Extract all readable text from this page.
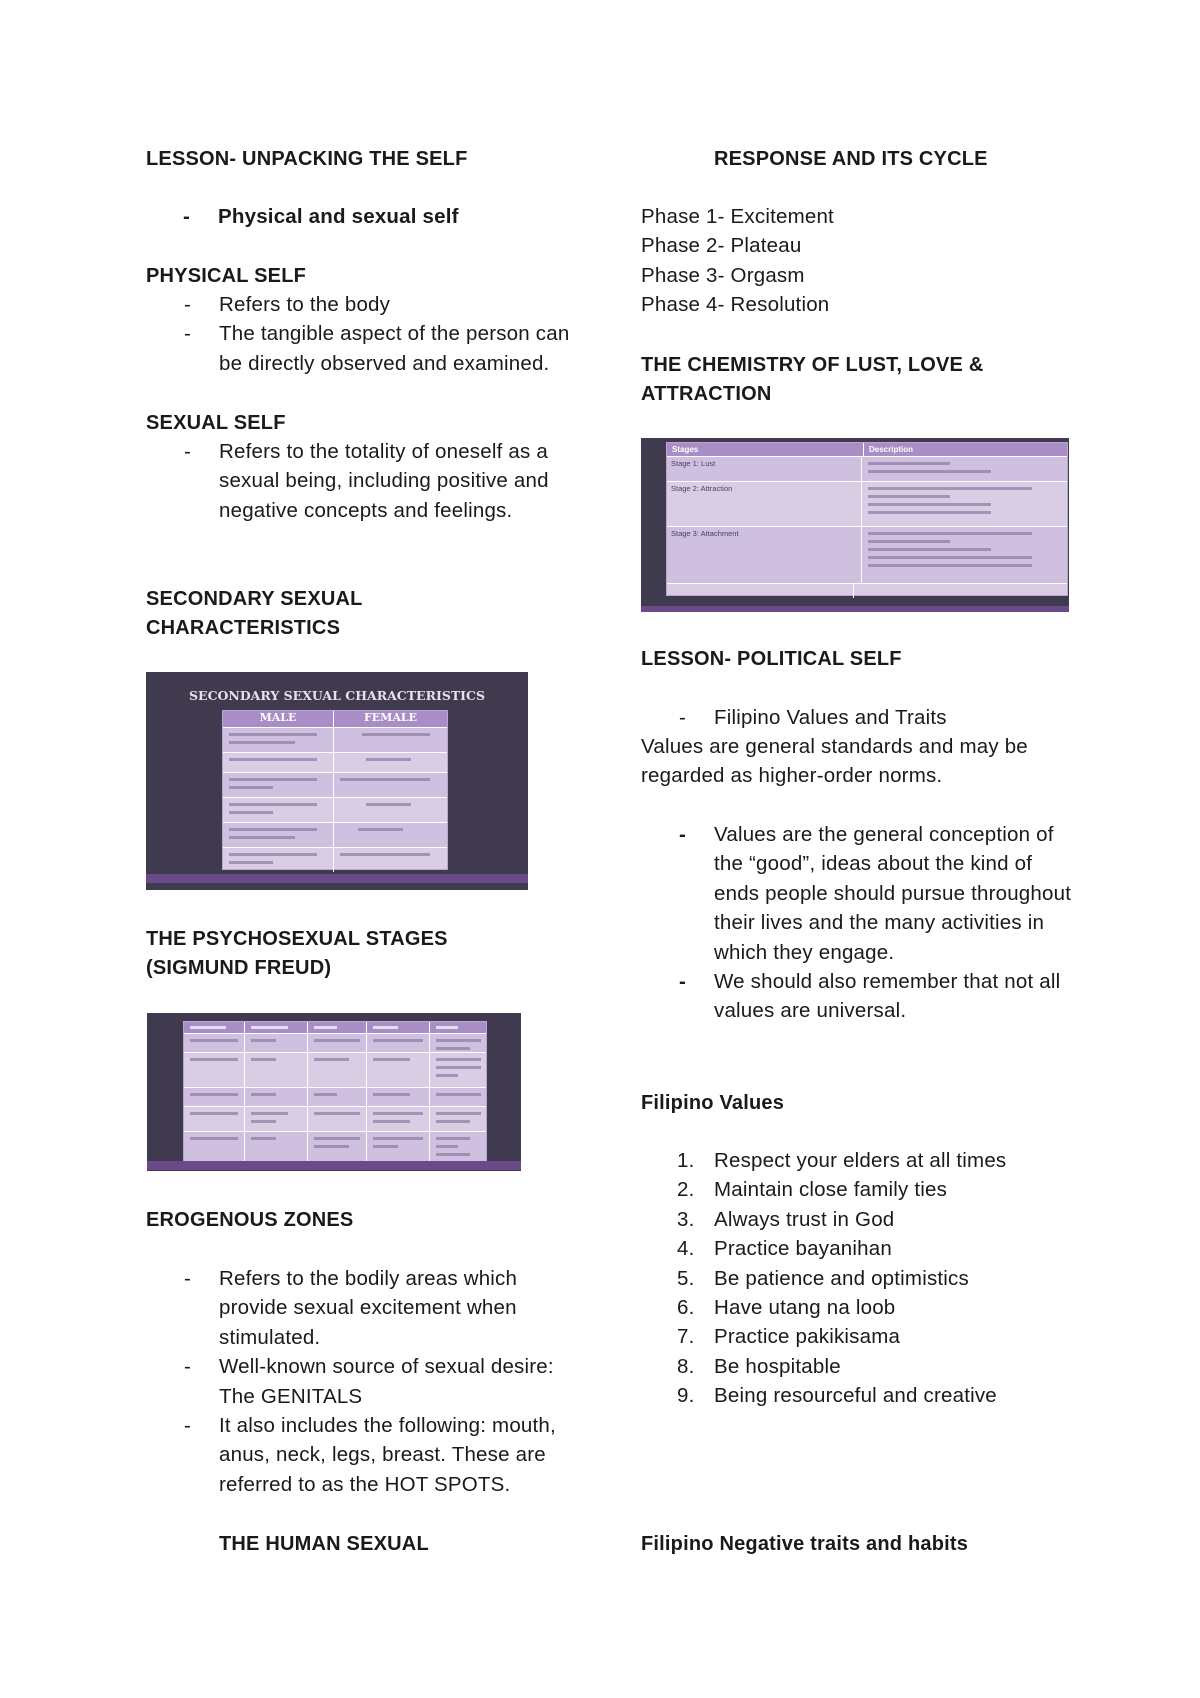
LESSON- UNPACKING THE SELF
- Physical and sexual self
PHYSICAL SELF
- Refers to the body
- The tangible aspect of the person can be directly observed and examined.
SEXUAL SELF
- Refers to the totality of oneself as a sexual being, including positive and negative concepts and feelings.
SECONDARY SEXUAL
CHARACTERISTICS
SECONDARY SEXUAL CHARACTERISTICS
MALE	FEMALE
THE PSYCHOSEXUAL STAGES
(SIGMUND FREUD)
EROGENOUS ZONES
- Refers to the bodily areas which provide sexual excitement when stimulated.
- Well-known source of sexual desire: The GENITALS
- It also includes the following: mouth, anus, neck, legs, breast. These are referred to as the HOT SPOTS.
THE HUMAN SEXUAL
RESPONSE AND ITS CYCLE
Phase 1- Excitement
Phase 2- Plateau
Phase 3- Orgasm
Phase 4- Resolution
THE CHEMISTRY OF LUST, LOVE &
ATTRACTION
Stages	Description
Stage 1: Lust
Stage 2: Attraction
Stage 3: Attachment
LESSON- POLITICAL SELF
- Filipino Values and Traits
Values are general standards and may be regarded as higher-order norms.
- Values are the general conception of the “good”, ideas about the kind of ends people should pursue throughout their lives and the many activities in which they engage.
- We should also remember that not all values are universal.
Filipino Values
Respect your elders at all times
Maintain close family ties
Always trust in God
Practice bayanihan
Be patience and optimistics
Have utang na loob
Practice pakikisama
Be hospitable
Being resourceful and creative
Filipino Negative traits and habits
